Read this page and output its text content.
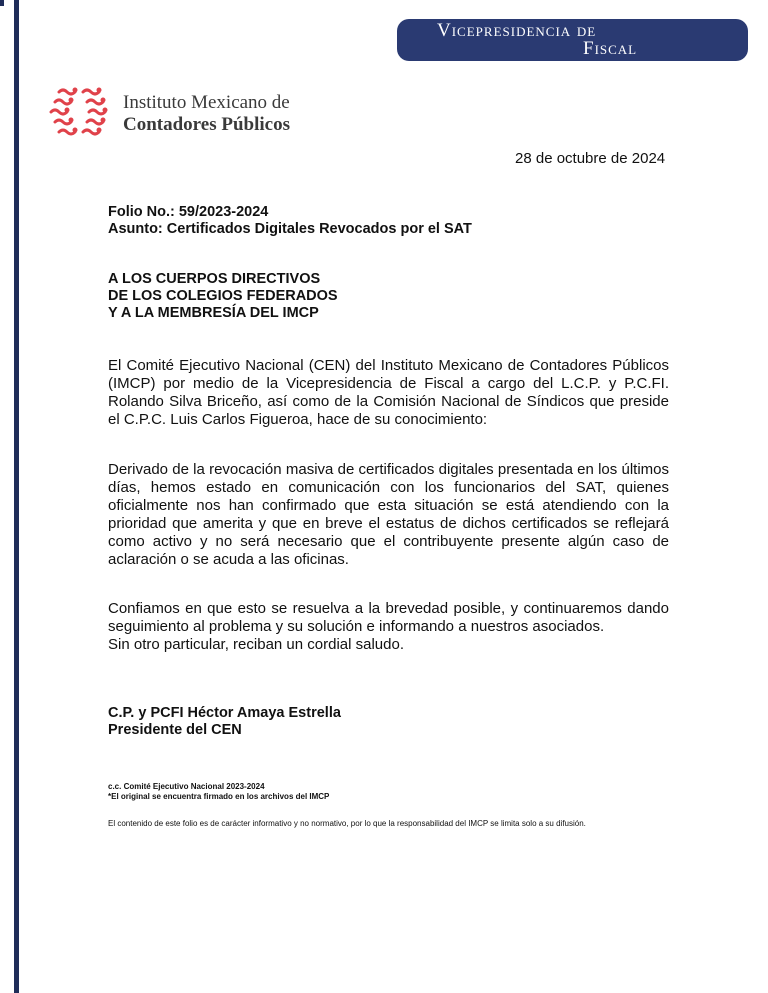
Vicepresidencia de
Fiscal
Instituto Mexicano de
Contadores Públicos
28 de octubre de 2024
Folio No.: 59/2023-2024
Asunto: Certificados Digitales Revocados por el SAT
A LOS CUERPOS DIRECTIVOS
DE LOS COLEGIOS FEDERADOS
Y A LA MEMBRESÍA DEL IMCP
El Comité Ejecutivo Nacional (CEN) del Instituto Mexicano de Contadores Públicos (IMCP) por medio de la Vicepresidencia de Fiscal a cargo del L.C.P. y P.C.FI. Rolando Silva Briceño, así como de la Comisión Nacional de Síndicos que preside el C.P.C. Luis Carlos Figueroa, hace de su conocimiento:
Derivado de la revocación masiva de certificados digitales presentada en los últimos días, hemos estado en comunicación con los funcionarios del SAT, quienes oficialmente nos han confirmado que esta situación se está atendiendo con la prioridad que amerita y que en breve el estatus de dichos certificados se reflejará como activo y no será necesario que el contribuyente presente algún caso de aclaración o se acuda a las oficinas.
Confiamos en que esto se resuelva a la brevedad posible, y continuaremos dando seguimiento al problema y su solución e informando a nuestros asociados.
Sin otro particular, reciban un cordial saludo.
C.P. y PCFI Héctor Amaya Estrella
Presidente del CEN
c.c. Comité Ejecutivo Nacional 2023-2024
*El original se encuentra firmado en los archivos del IMCP
El contenido de este folio es de carácter informativo y no normativo, por lo que la responsabilidad del IMCP se limita solo a su difusión.
